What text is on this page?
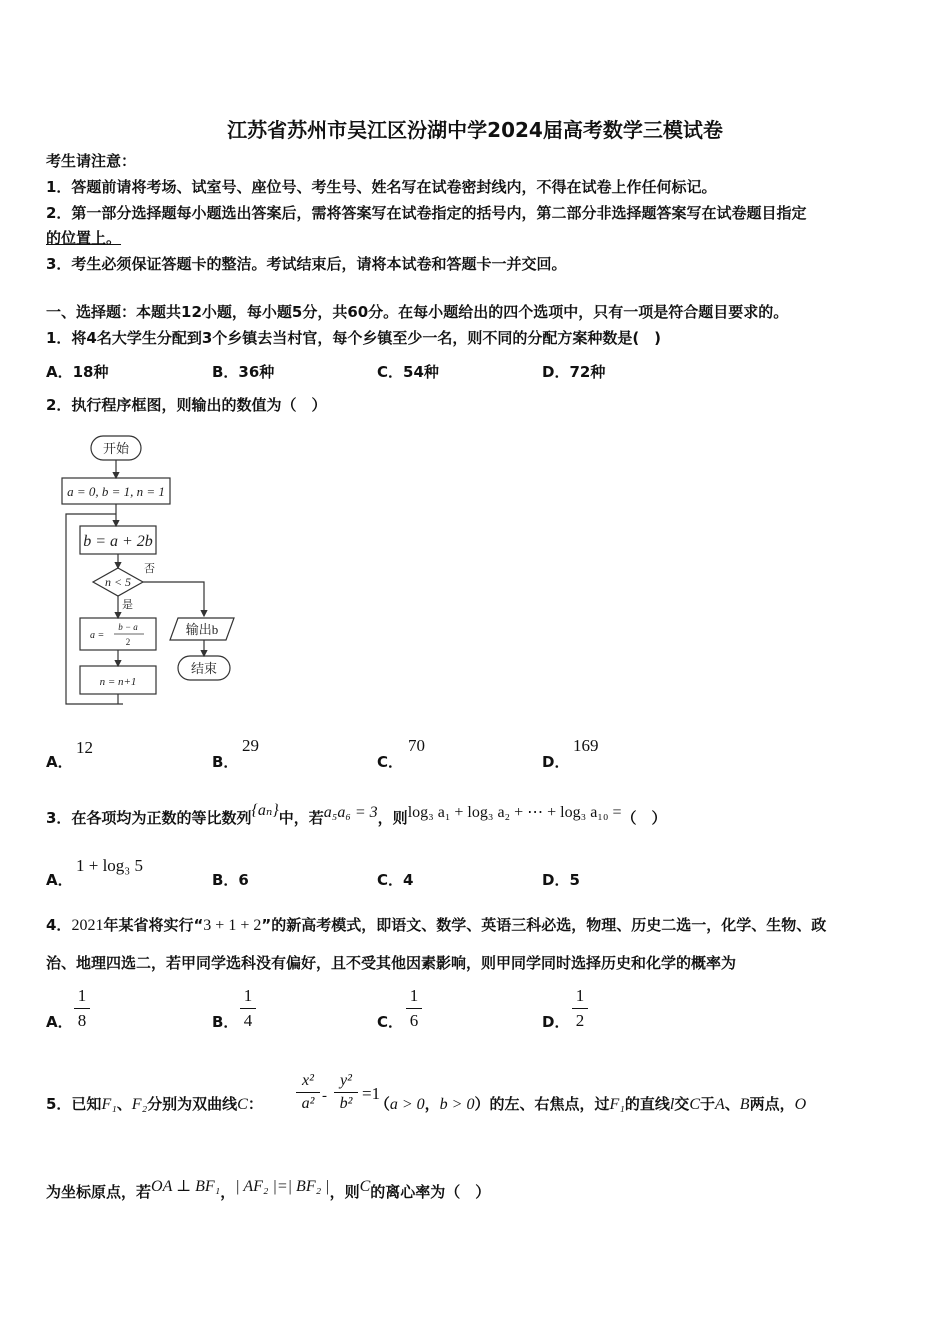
江苏省苏州市吴江区汾湖中学2024届高考数学三模试卷
考生请注意：
1．答题前请将考场、试室号、座位号、考生号、姓名写在试卷密封线内，不得在试卷上作任何标记。
2．第一部分选择题每小题选出答案后，需将答案写在试卷指定的括号内，第二部分非选择题答案写在试卷题目指定
的位置上。
3．考生必须保证答题卡的整洁。考试结束后，请将本试卷和答题卡一并交回。
一、选择题：本题共12小题，每小题5分，共60分。在每小题给出的四个选项中，只有一项是符合题目要求的。
1．将4名大学生分配到3个乡镇去当村官，每个乡镇至少一名，则不同的分配方案种数是(　)
A．18种	B．36种	C．54种	D．72种
2．执行程序框图，则输出的数值为（　）
开始
a = 0, b = 1, n = 1
b = a + 2b
n < 5
否
是
a =
b − a
2
n = n+1
输出b
结束
A．
12
B．
29
C．
70
D．
169
3．在各项均为正数的等比数列{aₙ}中，若a₅a₆ = 3，则log₃ a₁ + log₃ a₂ + ⋯ + log₃ a₁₀ =（　）
A．
1 + log₃ 5
B．6	C．4	D．5
4．2021年某省将实行“3 + 1 + 2”的新高考模式，即语文、数学、英语三科必选，物理、历史二选一，化学、生物、政
治、地理四选二，若甲同学选科没有偏好，且不受其他因素影响，则甲同学同时选择历史和化学的概率为
A．
1
8	B．
1
4	C．
1
6	D．
1
2
5．已知F₁、F₂分别为双曲线C：	（a > 0，b > 0）的左、右焦点，过F₁的直线l交C于A、B两点，O
x²
a² -
y²
b²
=1
为坐标原点，若OA ⊥ BF₁，| AF₂ |=| BF₂ |，则C的离心率为（　）
